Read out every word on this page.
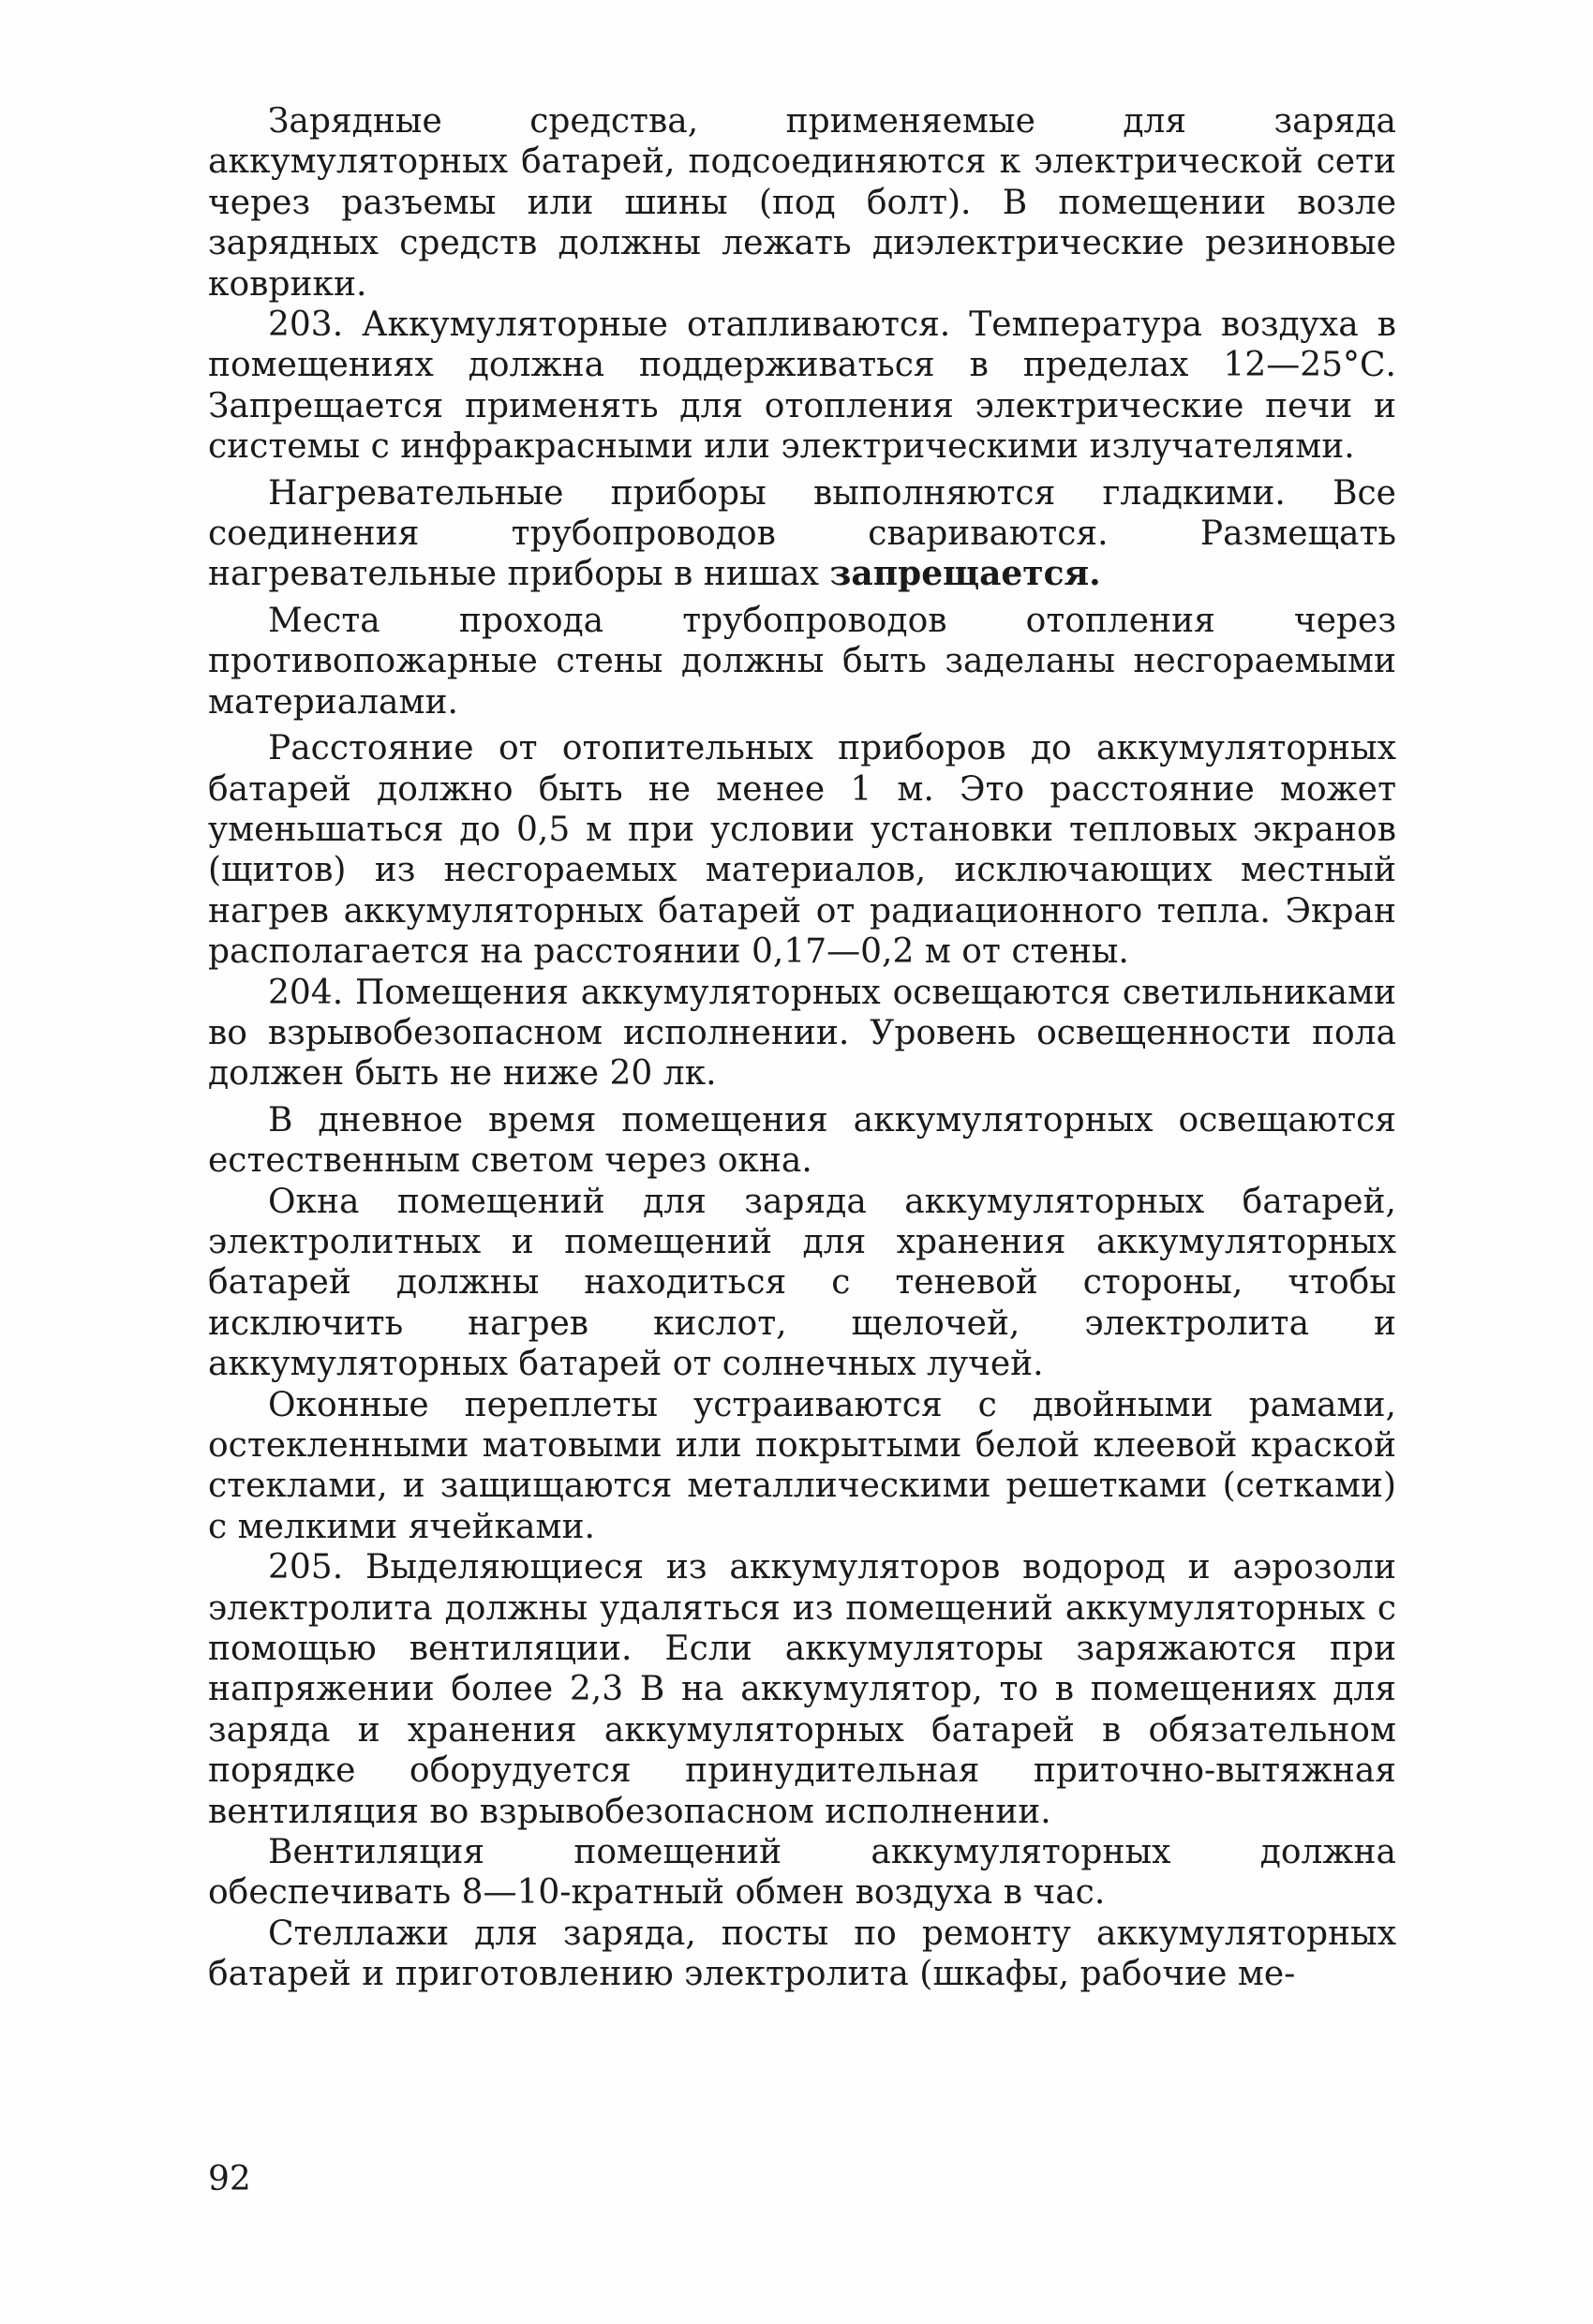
Зарядные средства, применяемые для заряда аккумуляторных батарей, подсоединяются к электрической сети через разъемы или шины (под болт). В помещении возле зарядных средств должны лежать диэлектрические резиновые коврики.

203. Аккумуляторные отапливаются. Температура воздуха в помещениях должна поддерживаться в пределах 12—25°С. Запрещается применять для отопления электрические печи и системы с инфракрасными или электрическими излучателями.

Нагревательные приборы выполняются гладкими. Все соединения трубопроводов свариваются. Размещать нагревательные приборы в нишах запрещается.

Места прохода трубопроводов отопления через противопожарные стены должны быть заделаны несгораемыми материалами.

Расстояние от отопительных приборов до аккумуляторных батарей должно быть не менее 1 м. Это расстояние может уменьшаться до 0,5 м при условии установки тепловых экранов (щитов) из несгораемых материалов, исключающих местный нагрев аккумуляторных батарей от радиационного тепла. Экран располагается на расстоянии 0,17—0,2 м от стены.

204. Помещения аккумуляторных освещаются светильниками во взрывобезопасном исполнении. Уровень освещенности пола должен быть не ниже 20 лк.

В дневное время помещения аккумуляторных освещаются естественным светом через окна.

Окна помещений для заряда аккумуляторных батарей, электролитных и помещений для хранения аккумуляторных батарей должны находиться с теневой стороны, чтобы исключить нагрев кислот, щелочей, электролита и аккумуляторных батарей от солнечных лучей.

Оконные переплеты устраиваются с двойными рамами, остекленными матовыми или покрытыми белой клеевой краской стеклами, и защищаются металлическими решетками (сетками) с мелкими ячейками.

205. Выделяющиеся из аккумуляторов водород и аэрозоли электролита должны удаляться из помещений аккумуляторных с помощью вентиляции. Если аккумуляторы заряжаются при напряжении более 2,3 В на аккумулятор, то в помещениях для заряда и хранения аккумуляторных батарей в обязательном порядке оборудуется принудительная приточно-вытяжная вентиляция во взрывобезопасном исполнении.

Вентиляция помещений аккумуляторных должна обеспечивать 8—10-кратный обмен воздуха в час.

Стеллажи для заряда, посты по ремонту аккумуляторных батарей и приготовлению электролита (шкафы, рабочие ме-

92
